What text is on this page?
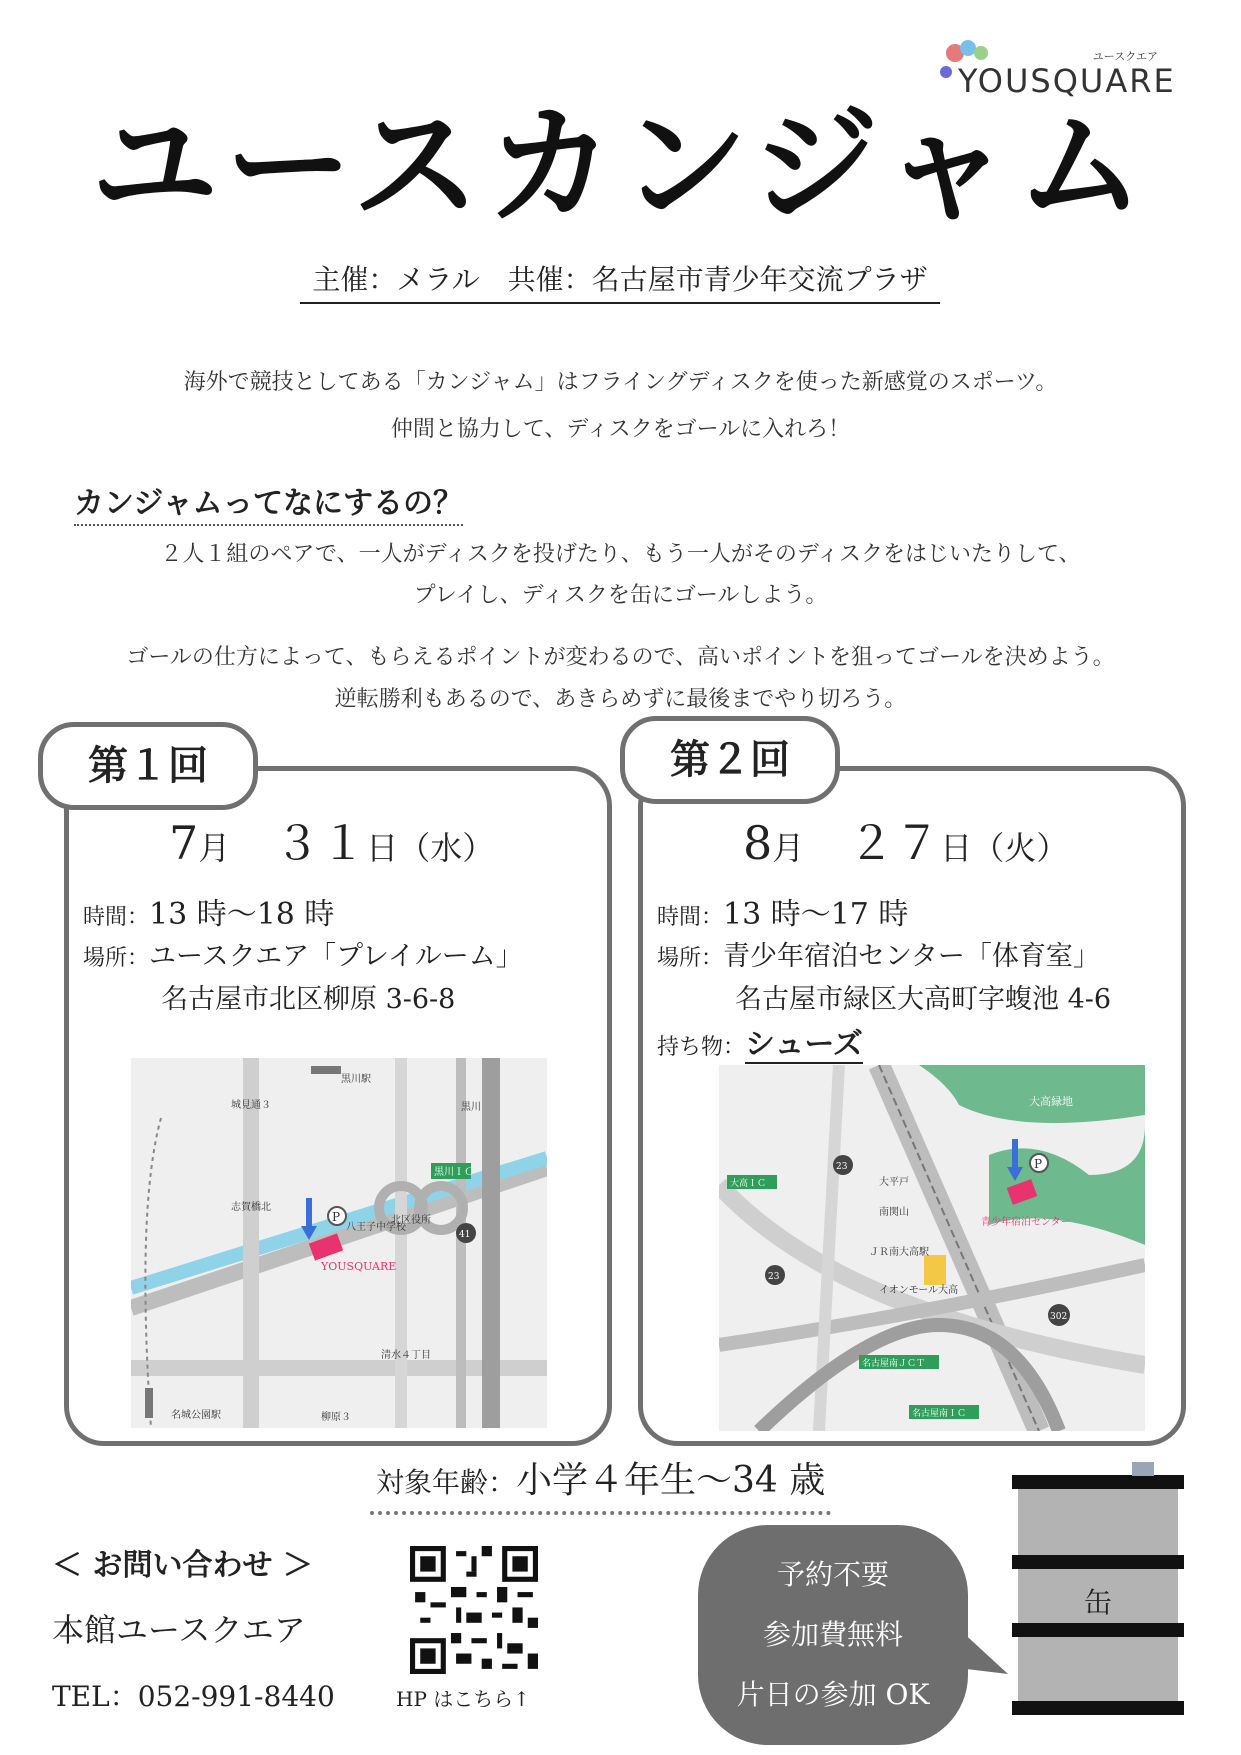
ユースクエア
YOUSQUARE
ユースカンジャム
主催：メラル　共催：名古屋市青少年交流プラザ
海外で競技としてある「カンジャム」はフライングディスクを使った新感覚のスポーツ。
仲間と協力して、ディスクをゴールに入れろ！
カンジャムってなにするの？
２人１組のペアで、一人がディスクを投げたり、もう一人がそのディスクをはじいたりして、
プレイし、ディスクを缶にゴールしよう。
ゴールの仕方によって、もらえるポイントが変わるので、高いポイントを狙ってゴールを決めよう。
逆転勝利もあるので、あきらめずに最後までやり切ろう。
7月 ３１日（水）
時間：13 時〜18 時
場所：ユースクエア「プレイルーム」
名古屋市北区柳原 3-6-8
P
黒川ＩＣ
YOUSQUARE
黒川駅
名城公園駅
八王子中学校
北区役所
清水４丁目
柳原３
城見通３
志賀橋北
黒川
41
第１回
8月 ２７日（火）
時間：13 時〜17 時
場所：青少年宿泊センター「体育室」
名古屋市緑区大高町字蝮池 4-6
持ち物：シューズ
P
大高緑地
青少年宿泊センター
大平戸
南関山
ＪＲ南大高駅
イオンモール大高
名古屋南ＪＣＴ
名古屋南ＩＣ
大高ＩＣ
23
23
302
第２回
対象年齢：小学４年生〜34 歳
＜ お問い合わせ ＞
本館ユースクエア
TEL：052-991-8440	HP はこちら↑
予約不要
参加費無料
片日の参加 OK
缶
